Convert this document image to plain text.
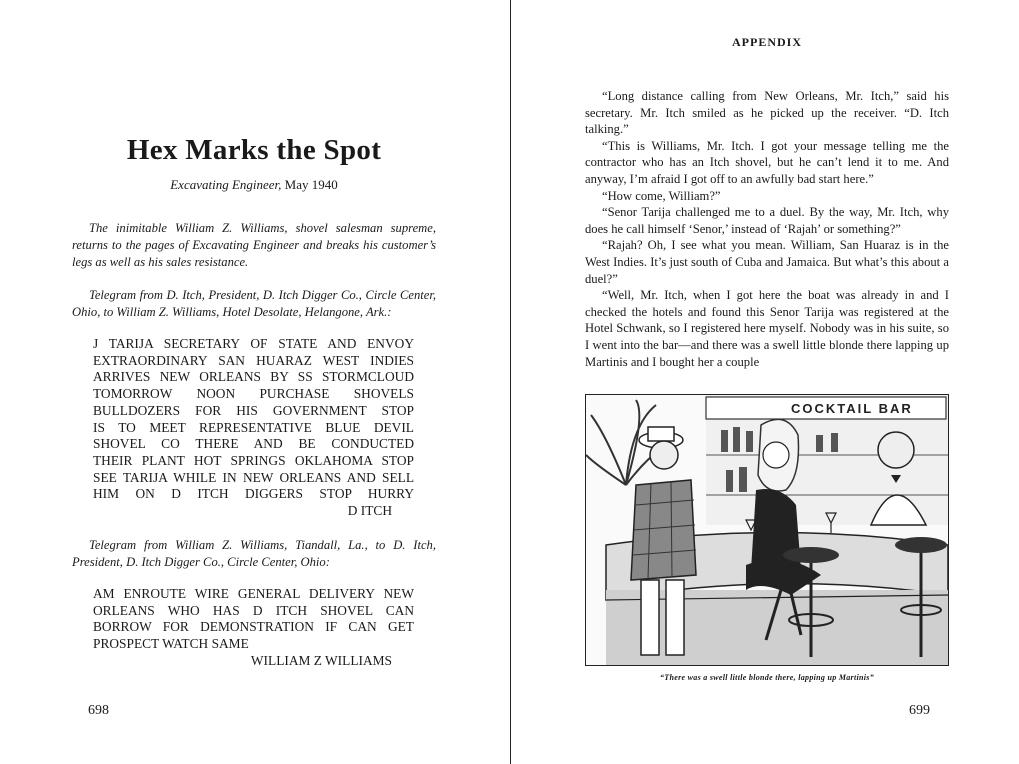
Hex Marks the Spot

Excavating Engineer, May 1940

The inimitable William Z. Williams, shovel salesman supreme, returns to the pages of Excavating Engineer and breaks his customer’s legs as well as his sales resistance.

Telegram from D. Itch, President, D. Itch Digger Co., Circle Center, Ohio, to William Z. Williams, Hotel Desolate, Helangone, Ark.:

J TARIJA SECRETARY OF STATE AND ENVOY
EXTRAORDINARY SAN HUARAZ WEST INDIES
ARRIVES NEW ORLEANS BY SS STORMCLOUD
TOMORROW NOON PURCHASE SHOVELS
BULLDOZERS FOR HIS GOVERNMENT STOP
IS TO MEET REPRESENTATIVE BLUE DEVIL
SHOVEL CO THERE AND BE CONDUCTED
THEIR PLANT HOT SPRINGS OKLAHOMA STOP
SEE TARIJA WHILE IN NEW ORLEANS AND SELL
HIM ON D ITCH DIGGERS STOP HURRY
D ITCH

Telegram from William Z. Williams, Tiandall, La., to D. Itch, President, D. Itch Digger Co., Circle Center, Ohio:

AM ENROUTE WIRE GENERAL DELIVERY NEW
ORLEANS WHO HAS D ITCH SHOVEL CAN
BORROW FOR DEMONSTRATION IF CAN GET
PROSPECT WATCH SAME
WILLIAM Z WILLIAMS
698
APPENDIX

“Long distance calling from New Orleans, Mr. Itch,” said his secretary. Mr. Itch smiled as he picked up the receiver. “D. Itch talking.”

“This is Williams, Mr. Itch. I got your message telling me the contractor who has an Itch shovel, but he can’t lend it to me. And anyway, I’m afraid I got off to an awfully bad start here.”

“How come, William?”

“Senor Tarija challenged me to a duel. By the way, Mr. Itch, why does he call himself ‘Senor,’ instead of ‘Rajah’ or something?”

“Rajah? Oh, I see what you mean. William, San Huaraz is in the West Indies. It’s just south of Cuba and Jamaica. But what’s this about a duel?”

“Well, Mr. Itch, when I got here the boat was already in and I checked the hotels and found this Senor Tarija was registered at the Hotel Schwank, so I registered here myself. Nobody was in his suite, so I went into the bar—and there was a swell little blonde there lapping up Martinis and I bought her a couple

COCKTAIL BAR
“There was a swell little blonde there, lapping up Martinis”
699
